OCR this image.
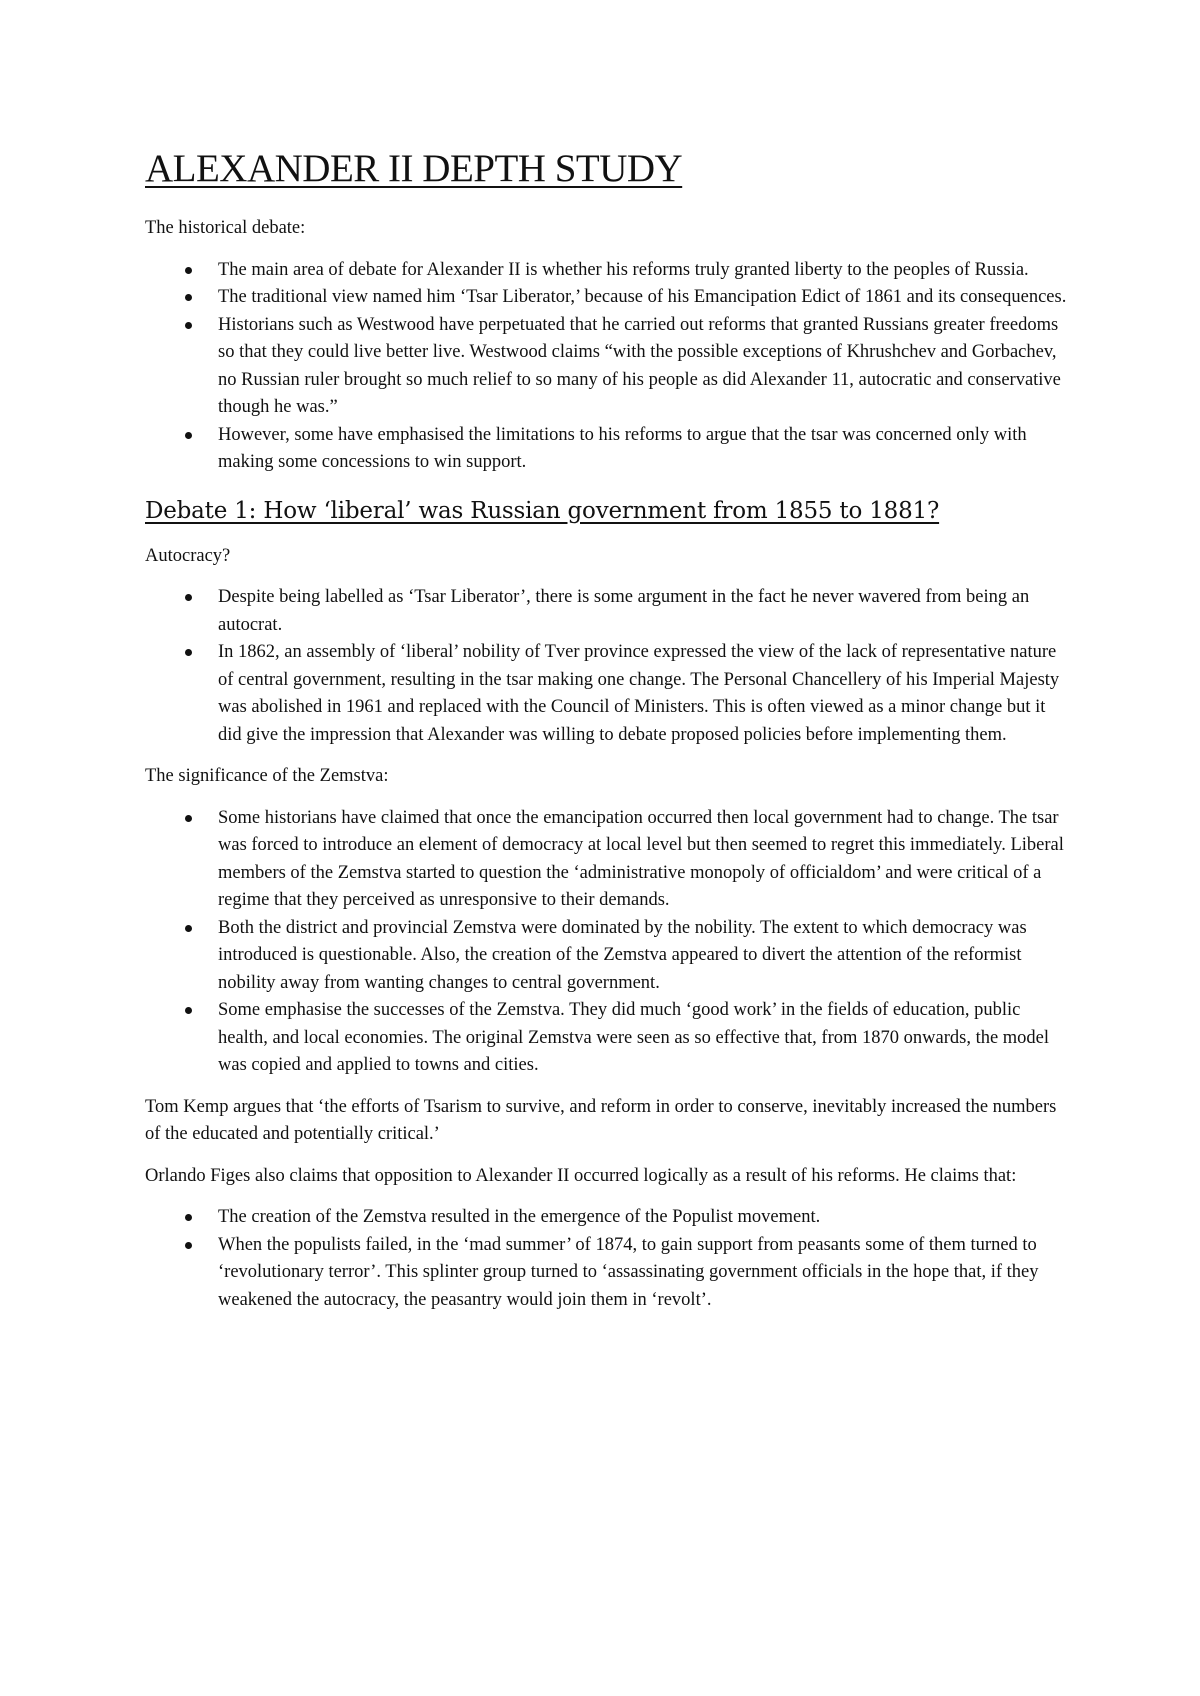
ALEXANDER II DEPTH STUDY

The historical debate:

The main area of debate for Alexander II is whether his reforms truly granted liberty to the peoples of Russia.
The traditional view named him ‘Tsar Liberator,’ because of his Emancipation Edict of 1861 and its consequences.
Historians such as Westwood have perpetuated that he carried out reforms that granted Russians greater freedoms so that they could live better live. Westwood claims “with the possible exceptions of Khrushchev and Gorbachev, no Russian ruler brought so much relief to so many of his people as did Alexander 11, autocratic and conservative though he was.”
However, some have emphasised the limitations to his reforms to argue that the tsar was concerned only with making some concessions to win support.
Debate 1: How ‘liberal’ was Russian government from 1855 to 1881?

Autocracy?

Despite being labelled as ‘Tsar Liberator’, there is some argument in the fact he never wavered from being an autocrat.
In 1862, an assembly of ‘liberal’ nobility of Tver province expressed the view of the lack of representative nature of central government, resulting in the tsar making one change. The Personal Chancellery of his Imperial Majesty was abolished in 1961 and replaced with the Council of Ministers. This is often viewed as a minor change but it did give the impression that Alexander was willing to debate proposed policies before implementing them.

The significance of the Zemstva:

Some historians have claimed that once the emancipation occurred then local government had to change. The tsar was forced to introduce an element of democracy at local level but then seemed to regret this immediately. Liberal members of the Zemstva started to question the ‘administrative monopoly of officialdom’ and were critical of a regime that they perceived as unresponsive to their demands.
Both the district and provincial Zemstva were dominated by the nobility. The extent to which democracy was introduced is questionable. Also, the creation of the Zemstva appeared to divert the attention of the reformist nobility away from wanting changes to central government.
Some emphasise the successes of the Zemstva. They did much ‘good work’ in the fields of education, public health, and local economies. The original Zemstva were seen as so effective that, from 1870 onwards, the model was copied and applied to towns and cities.

Tom Kemp argues that ‘the efforts of Tsarism to survive, and reform in order to conserve, inevitably increased the numbers of the educated and potentially critical.’

Orlando Figes also claims that opposition to Alexander II occurred logically as a result of his reforms. He claims that:

The creation of the Zemstva resulted in the emergence of the Populist movement.
When the populists failed, in the ‘mad summer’ of 1874, to gain support from peasants some of them turned to ‘revolutionary terror’. This splinter group turned to ‘assassinating government officials in the hope that, if they weakened the autocracy, the peasantry would join them in ‘revolt’.
